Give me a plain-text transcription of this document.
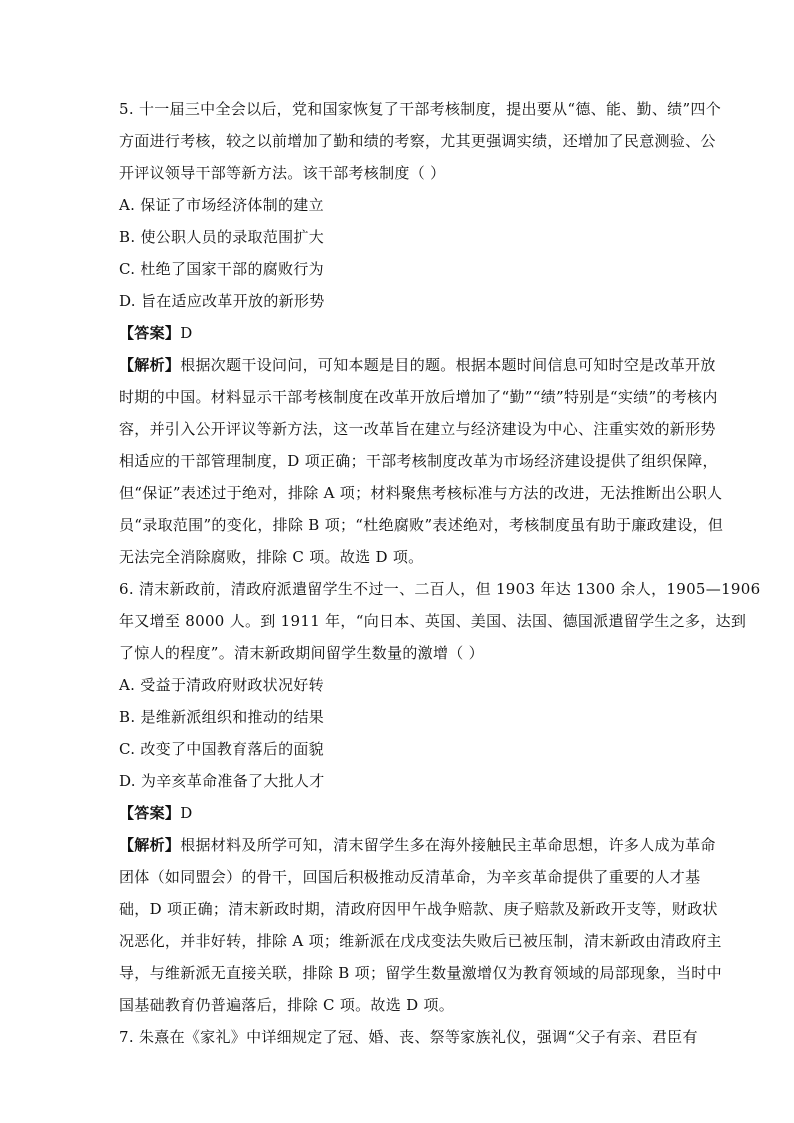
5. 十一届三中全会以后，党和国家恢复了干部考核制度，提出要从“德、能、勤、绩”四个

方面进行考核，较之以前增加了勤和绩的考察，尤其更强调实绩，还增加了民意测验、公

开评议领导干部等新方法。该干部考核制度（ ）

A. 保证了市场经济体制的建立

B. 使公职人员的录取范围扩大

C. 杜绝了国家干部的腐败行为

D. 旨在适应改革开放的新形势

【答案】D

【解析】根据次题干设问问，可知本题是目的题。根据本题时间信息可知时空是改革开放

时期的中国。材料显示干部考核制度在改革开放后增加了“勤”“绩”特别是“实绩”的考核内

容，并引入公开评议等新方法，这一改革旨在建立与经济建设为中心、注重实效的新形势

相适应的干部管理制度，D 项正确；干部考核制度改革为市场经济建设提供了组织保障，

但“保证”表述过于绝对，排除 A 项；材料聚焦考核标准与方法的改进，无法推断出公职人

员“录取范围”的变化，排除 B 项；“杜绝腐败”表述绝对，考核制度虽有助于廉政建设，但

无法完全消除腐败，排除 C 项。故选 D 项。

6. 清末新政前，清政府派遣留学生不过一、二百人，但 1903 年达 1300 余人，1905—1906

年又增至 8000 人。到 1911 年，“向日本、英国、美国、法国、德国派遣留学生之多，达到

了惊人的程度”。清末新政期间留学生数量的激增（ ）

A. 受益于清政府财政状况好转

B. 是维新派组织和推动的结果

C. 改变了中国教育落后的面貌

D. 为辛亥革命准备了大批人才

【答案】D

【解析】根据材料及所学可知，清末留学生多在海外接触民主革命思想，许多人成为革命

团体（如同盟会）的骨干，回国后积极推动反清革命，为辛亥革命提供了重要的人才基

础，D 项正确；清末新政时期，清政府因甲午战争赔款、庚子赔款及新政开支等，财政状

况恶化，并非好转，排除 A 项；维新派在戊戌变法失败后已被压制，清末新政由清政府主

导，与维新派无直接关联，排除 B 项；留学生数量激增仅为教育领域的局部现象，当时中

国基础教育仍普遍落后，排除 C 项。故选 D 项。

7. 朱熹在《家礼》中详细规定了冠、婚、丧、祭等家族礼仪，强调“父子有亲、君臣有
